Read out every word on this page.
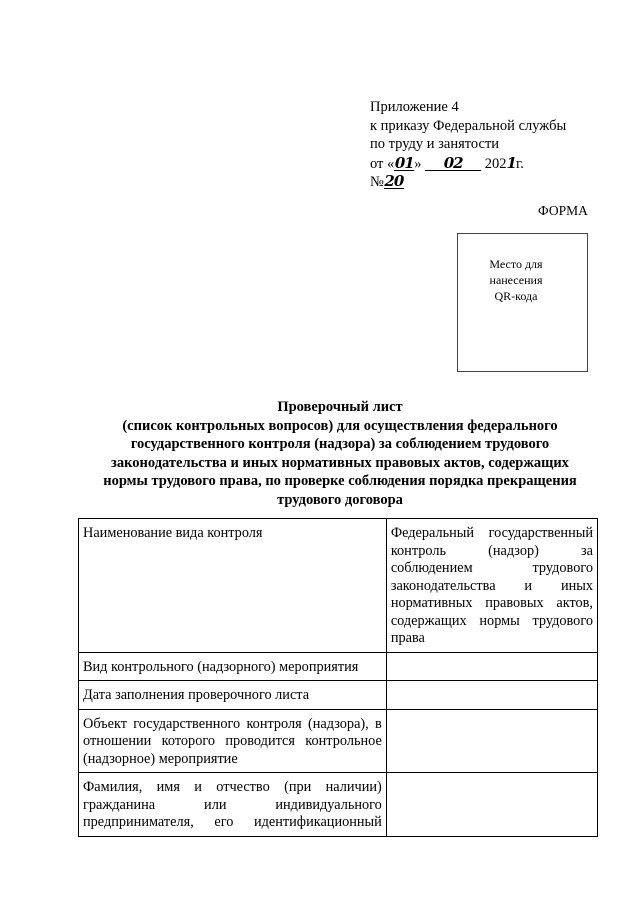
Приложение 4
к приказу Федеральной службы
по труду и занятости
от «01» 02 2021г.
№20
ФОРМА
Место для
нанесения
QR-кода
Проверочный лист
(список контрольных вопросов) для осуществления федерального
государственного контроля (надзора) за соблюдением трудового
законодательства и иных нормативных правовых актов, содержащих
нормы трудового права, по проверке соблюдения порядка прекращения
трудового договора
Наименование вида контроля	Федеральный государственный контроль (надзор) за соблюдением трудового законодательства и иных нормативных правовых актов, содержащих нормы трудового права
Вид контрольного (надзорного) мероприятия	
Дата заполнения проверочного листа	
Объект государственного контроля (надзора), в отношении которого проводится контрольное (надзорное) мероприятие	

Фамилия, имя и отчество (при наличии) гражданина или индивидуального предпринимателя, его идентификационный	
